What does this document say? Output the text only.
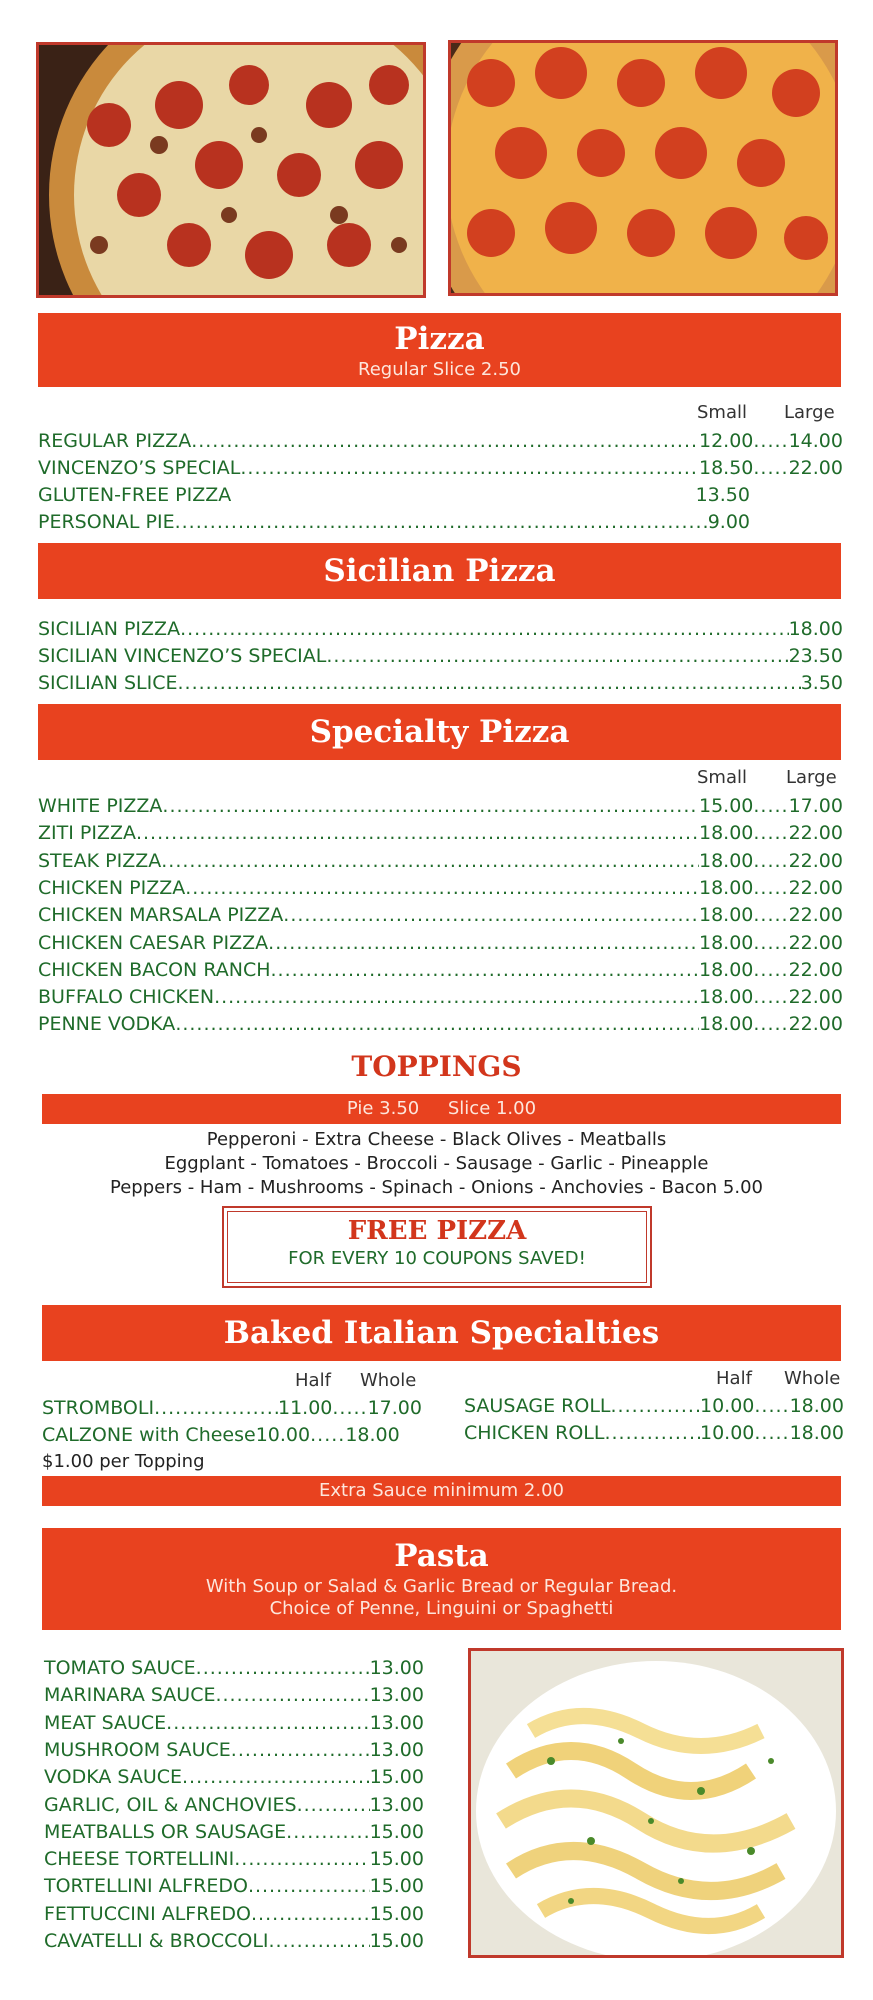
Pizza
Regular Slice 2.50
Small Large
REGULAR PIZZA .....	12.00 ..... 14.00
VINCENZO’S SPECIAL .....	18.50 ..... 22.00
GLUTEN-FREE PIZZA	13.50
PERSONAL PIE .....	9.00
Sicilian Pizza
SICILIAN PIZZA .....	18.00
SICILIAN VINCENZO’S SPECIAL .....	23.50
SICILIAN SLICE .....	3.50
Specialty Pizza
Small Large
WHITE PIZZA .....	15.00 ..... 17.00
ZITI PIZZA .....	18.00 ..... 22.00
STEAK PIZZA .....	18.00 ..... 22.00
CHICKEN PIZZA .....	18.00 ..... 22.00
CHICKEN MARSALA PIZZA .....	18.00 ..... 22.00
CHICKEN CAESAR PIZZA .....	18.00 ..... 22.00
CHICKEN BACON RANCH .....	18.00 ..... 22.00
BUFFALO CHICKEN .....	18.00 ..... 22.00
PENNE VODKA .....	18.00 ..... 22.00
TOPPINGS
Pie 3.50     Slice 1.00
Pepperoni - Extra Cheese - Black Olives - Meatballs
Eggplant - Tomatoes - Broccoli - Sausage - Garlic - Pineapple
Peppers - Ham - Mushrooms - Spinach - Onions - Anchovies - Bacon 5.00
FREE PIZZA
FOR EVERY 10 COUPONS SAVED!
Baked Italian Specialties
Half Whole	Half Whole
STROMBOLI .....	11.00 ..... 17.00
CALZONE with Cheese 10.00 ..... 18.00
SAUSAGE ROLL .....	10.00 ..... 18.00
CHICKEN ROLL .....	10.00 ..... 18.00
$1.00 per Topping
Extra Sauce minimum 2.00
Pasta
With Soup or Salad & Garlic Bread or Regular Bread.
Choice of Penne, Linguini or Spaghetti
TOMATO SAUCE .....	13.00
MARINARA SAUCE .....	13.00
MEAT SAUCE .....	13.00
MUSHROOM SAUCE .....	13.00
VODKA SAUCE .....	15.00
GARLIC, OIL & ANCHOVIES .....	13.00
MEATBALLS OR SAUSAGE .....	15.00
CHEESE TORTELLINI .....	15.00
TORTELLINI ALFREDO .....	15.00
FETTUCCINI ALFREDO .....	15.00
CAVATELLI & BROCCOLI .....	15.00
